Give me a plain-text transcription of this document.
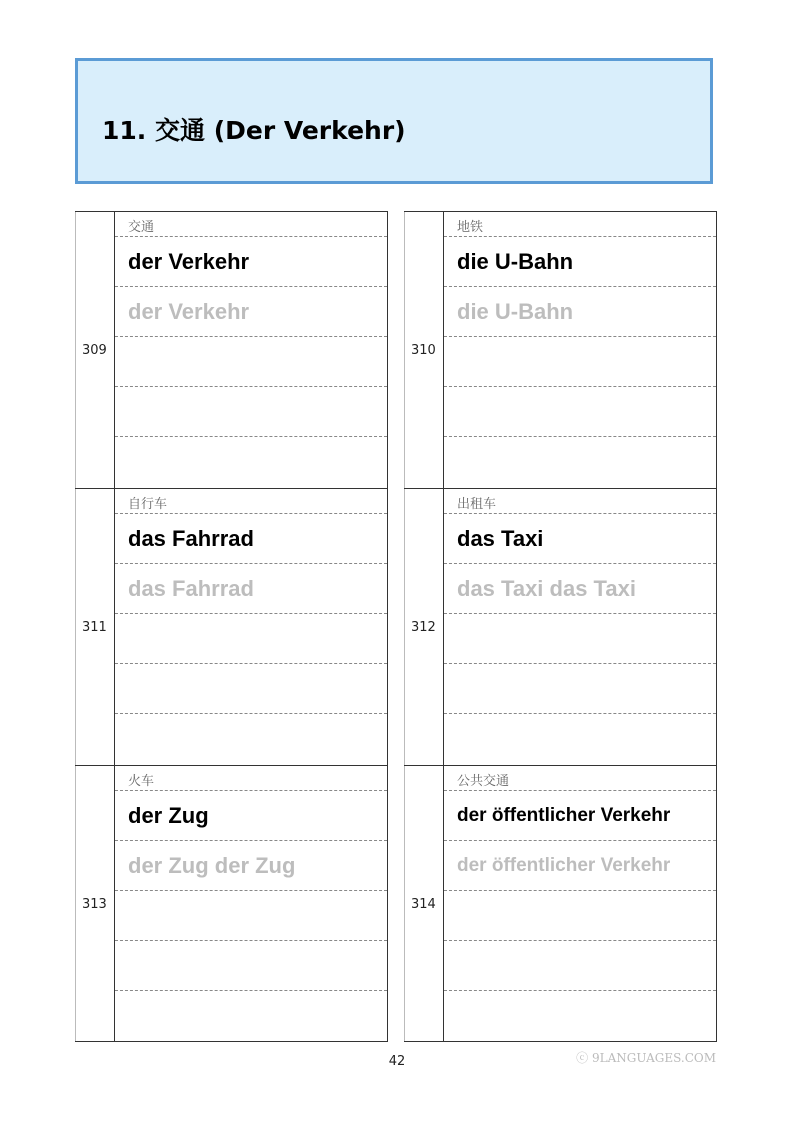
11. 交通 (Der Verkehr)
309
交通
der Verkehr
der Verkehr
310
地铁
die U-Bahn
die U-Bahn
311
自行车
das Fahrrad
das Fahrrad
312
出租车
das Taxi
das Taxi das Taxi
313
火车
der Zug
der Zug der Zug
314
公共交通
der öffentlicher Verkehr
der öffentlicher Verkehr
42	ⓒ 9LANGUAGES.COM
